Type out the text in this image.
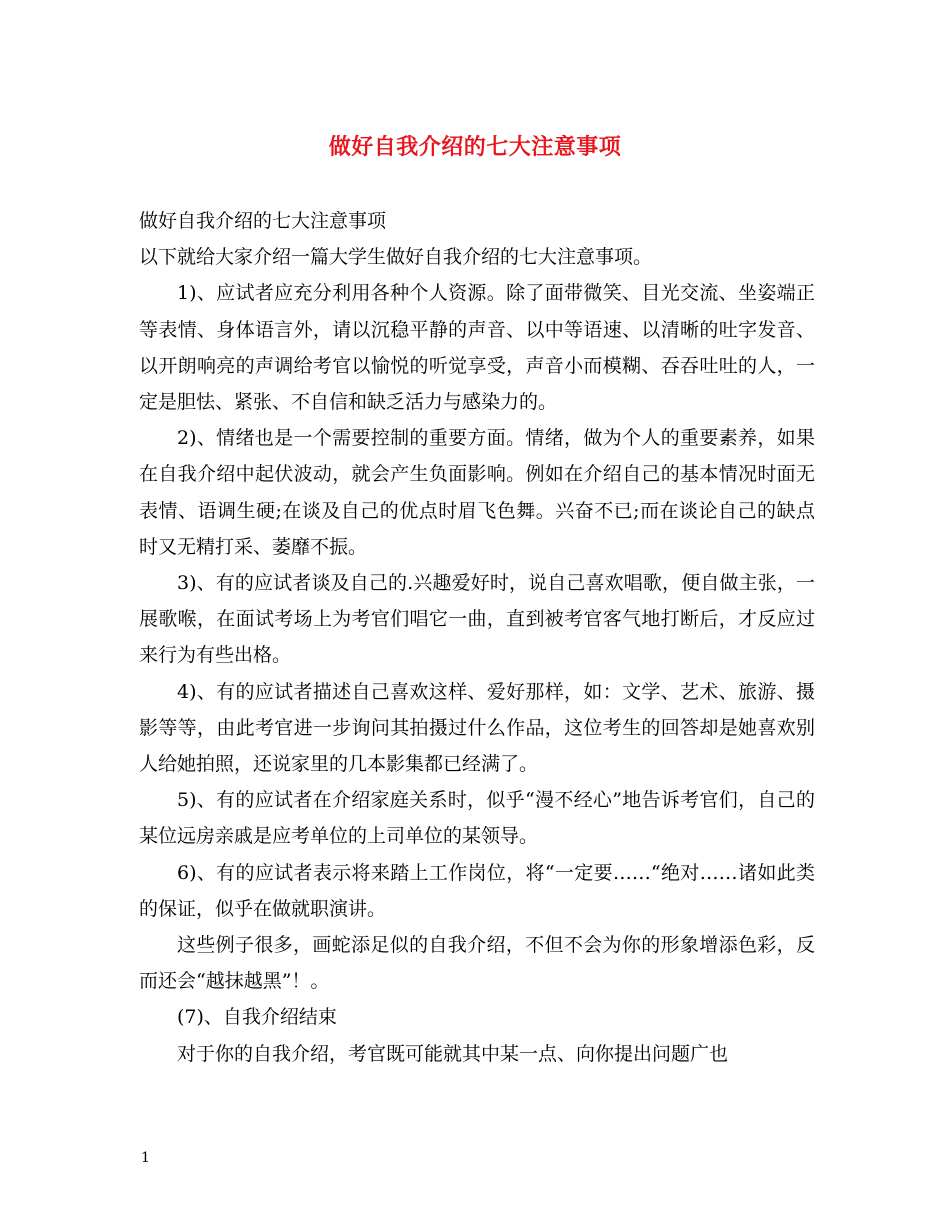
做好自我介绍的七大注意事项

做好自我介绍的七大注意事项

以下就给大家介绍一篇大学生做好自我介绍的七大注意事项。

1)、应试者应充分利用各种个人资源。除了面带微笑、目光交流、坐姿端正等表情、身体语言外，请以沉稳平静的声音、以中等语速、以清晰的吐字发音、以开朗响亮的声调给考官以愉悦的听觉享受，声音小而模糊、吞吞吐吐的人，一定是胆怯、紧张、不自信和缺乏活力与感染力的。

2)、情绪也是一个需要控制的重要方面。情绪，做为个人的重要素养，如果在自我介绍中起伏波动，就会产生负面影响。例如在介绍自己的基本情况时面无表情、语调生硬;在谈及自己的优点时眉飞色舞。兴奋不已;而在谈论自己的缺点时又无精打采、萎靡不振。

3)、有的应试者谈及自己的.兴趣爱好时，说自己喜欢唱歌，便自做主张，一展歌喉，在面试考场上为考官们唱它一曲，直到被考官客气地打断后，才反应过来行为有些出格。

4)、有的应试者描述自己喜欢这样、爱好那样，如：文学、艺术、旅游、摄影等等，由此考官进一步询问其拍摄过什么作品，这位考生的回答却是她喜欢别人给她拍照，还说家里的几本影集都已经满了。

5)、有的应试者在介绍家庭关系时，似乎“漫不经心”地告诉考官们，自己的某位远房亲戚是应考单位的上司单位的某领导。

6)、有的应试者表示将来踏上工作岗位，将“一定要……“绝对……诸如此类的保证，似乎在做就职演讲。

这些例子很多，画蛇添足似的自我介绍，不但不会为你的形象增添色彩，反而还会“越抹越黑”！。

(7)、自我介绍结束

对于你的自我介绍，考官既可能就其中某一点、向你提出问题广也

1
